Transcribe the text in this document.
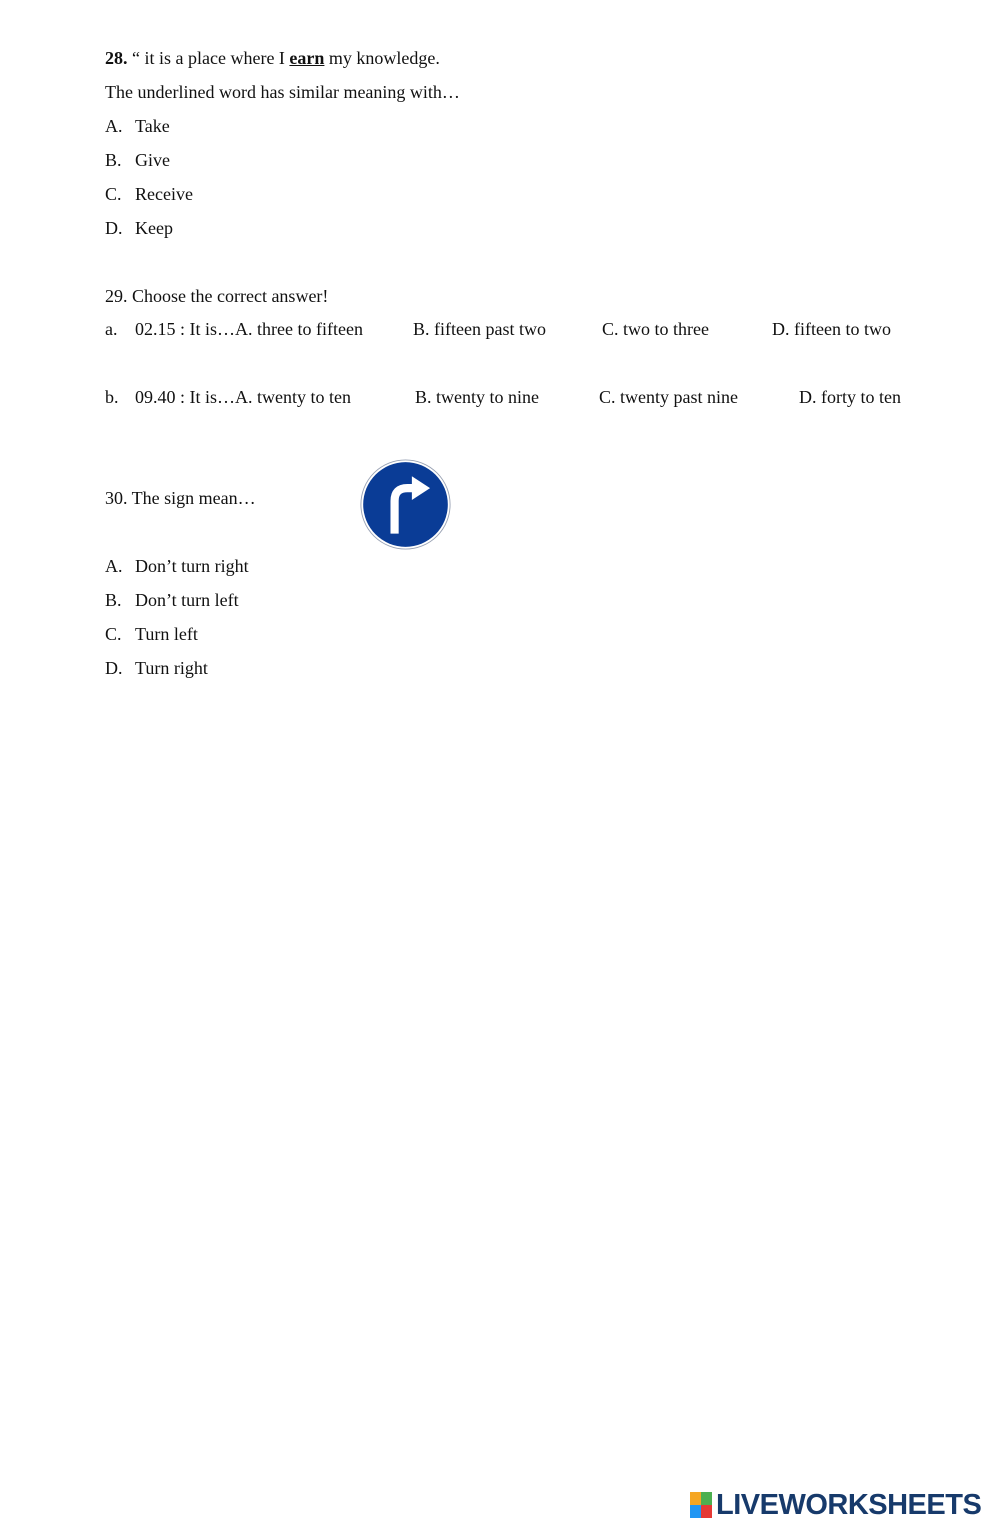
28. “ it is a place where I earn my knowledge.
The underlined word has similar meaning with…
A. Take
B. Give
C. Receive
D. Keep
29. Choose the correct answer!
a. 02.15 : It is…A. three to fifteen	B. fifteen past two	C. two to three	D. fifteen to two
b. 09.40 : It is…A. twenty to ten	B. twenty to nine	C. twenty past nine	D. forty to ten
30. The sign mean…
A. Don’t turn right
B. Don’t turn left
C. Turn left
D. Turn right
LIVEWORKSHEETS
